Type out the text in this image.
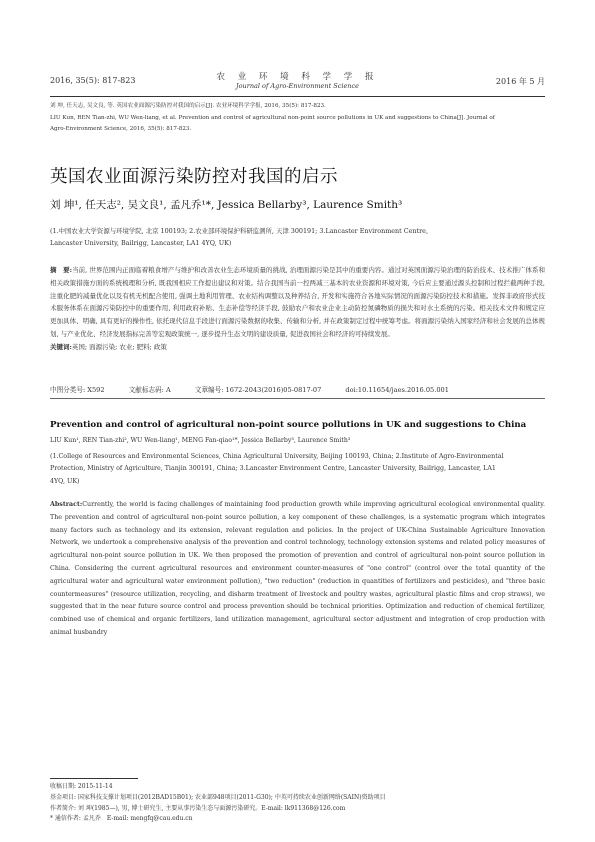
2016, 35(5): 817-823	农 业 环 境 科 学 学 报
Journal of Agro-Environment Science	2016 年 5 月

刘 坤, 任天志, 吴文良, 等. 英国农业面源污染防控对我国的启示[J]. 农业环境科学学报, 2016, 35(5): 817-823.

LIU Kun, REN Tian-zhi, WU Wen-liang, et al. Prevention and control of agricultural non-point source pollutions in UK and suggestions to China[J]. Journal of

Agro-Environment Science, 2016, 35(5): 817-823.

英国农业面源污染防控对我国的启示
刘 坤¹, 任天志², 吴文良¹, 孟凡乔¹*, Jessica Bellarby³, Laurence Smith³
(1.中国农业大学资源与环境学院, 北京 100193; 2.农业部环境保护科研监测所, 天津 300191; 3.Lancaster Environment Centre,
Lancaster University, Bailrigg, Lancaster, LA1 4YQ, UK)

摘　要:当前, 世界范围内正面临着粮食增产与维护和改善农业生态环境质量的挑战, 治理面源污染是其中的重要内容。通过对英国面源污染治理的防治技术、技术推广体系和相关政策措施方面的系统梳理和分析, 既我国相应工作提出建议和对策。结合我国当前一控两减三基本的农业资源和环境对策, 今后应主要通过源头控制和过程拦截两种手段, 注重化肥的减量优化以及有机无机配合使用, 强调土地利用管理、农业结构调整以及种养结合, 开发和实施符合各地实际情况的面源污染防控技术和措施。发挥非政府形式技术服务体系在面源污染防控中的重要作用, 利用政府补贴、生态补偿等经济手段, 鼓励农户和农业企业主动防控氮磷物质的损失和对水土系统的污染。相关技术文件和规定应更加具体、明确, 具有更好的操作性, 依托现代信息手段进行面源污染数据的收集、传输和分析, 并在政策制定过程中统筹考虑。将面源污染纳入国家经济和社会发展的总体规划, 与产业优化、经济发展指标完善等宏观政策统一, 逐步提升生态文明的建设质量, 促进我国社会和经济的可持续发展。

关键词:英国; 面源污染; 农业; 肥料; 政策

中图分类号: X592	文献标志码: A	文章编号: 1672-2043(2016)05-0817-07	doi:10.11654/jaes.2016.05.001
Prevention and control of agricultural non-point source pollutions in UK and suggestions to China
LIU Kun¹, REN Tian-zhi², WU Wen-liang¹, MENG Fan-qiao¹*, Jessica Bellarby³, Laurence Smith³
(1.College of Resources and Environmental Sciences, China Agricultural University, Beijing 100193, China; 2.Institute of Agro-Environmental
Protection, Ministry of Agriculture, Tianjin 300191, China; 3.Lancaster Environment Centre, Lancaster University, Bailrigg, Lancaster, LA1
4YQ, UK)
Abstract:Currently, the world is facing challenges of maintaining food production growth while improving agricultural ecological environmental quality. The prevention and control of agricultural non-point source pollution, a key component of these challenges, is a systematic program which integrates many factors such as technology and its extension, relevant regulation and policies. In the project of UK-China Sustainable Agriculture Innovation Network, we undertook a comprehensive analysis of the prevention and control technology, technology extension systems and related policy measures of agricultural non-point source pollution in UK. We then proposed the promotion of prevention and control of agricultural non-point source pollution in China. Considering the current agricultural resources and environment counter-measures of "one control" (control over the total quantity of the agricultural water and agricultural water environment pollution), "two reduction" (reduction in quantities of fertilizers and pesticides), and "three basic countermeasures" (resource utilization, recycling, and disharm treatment of livestock and poultry wastes, agricultural plastic films and crop straws), we suggested that in the near future source control and process prevention should be technical priorities. Optimization and reduction of chemical fertilizer, combined use of chemical and organic fertilizers, land utilization management, agricultural sector adjustment and integration of crop production with animal husbandry

收稿日期: 2015-11-14

基金项目: 国家科技支撑计划项目(2012BAD15B01); 农业部948项目(2011-G30); 中英可持续农业创新网络(SAIN)资助项目

作者简介: 刘 坤(1985—), 男, 博士研究生, 主要从事污染生态与面源污染研究。E-mail: lk911368@126.com

* 通信作者: 孟凡乔　E-mail: mengfq@cau.edu.cn
